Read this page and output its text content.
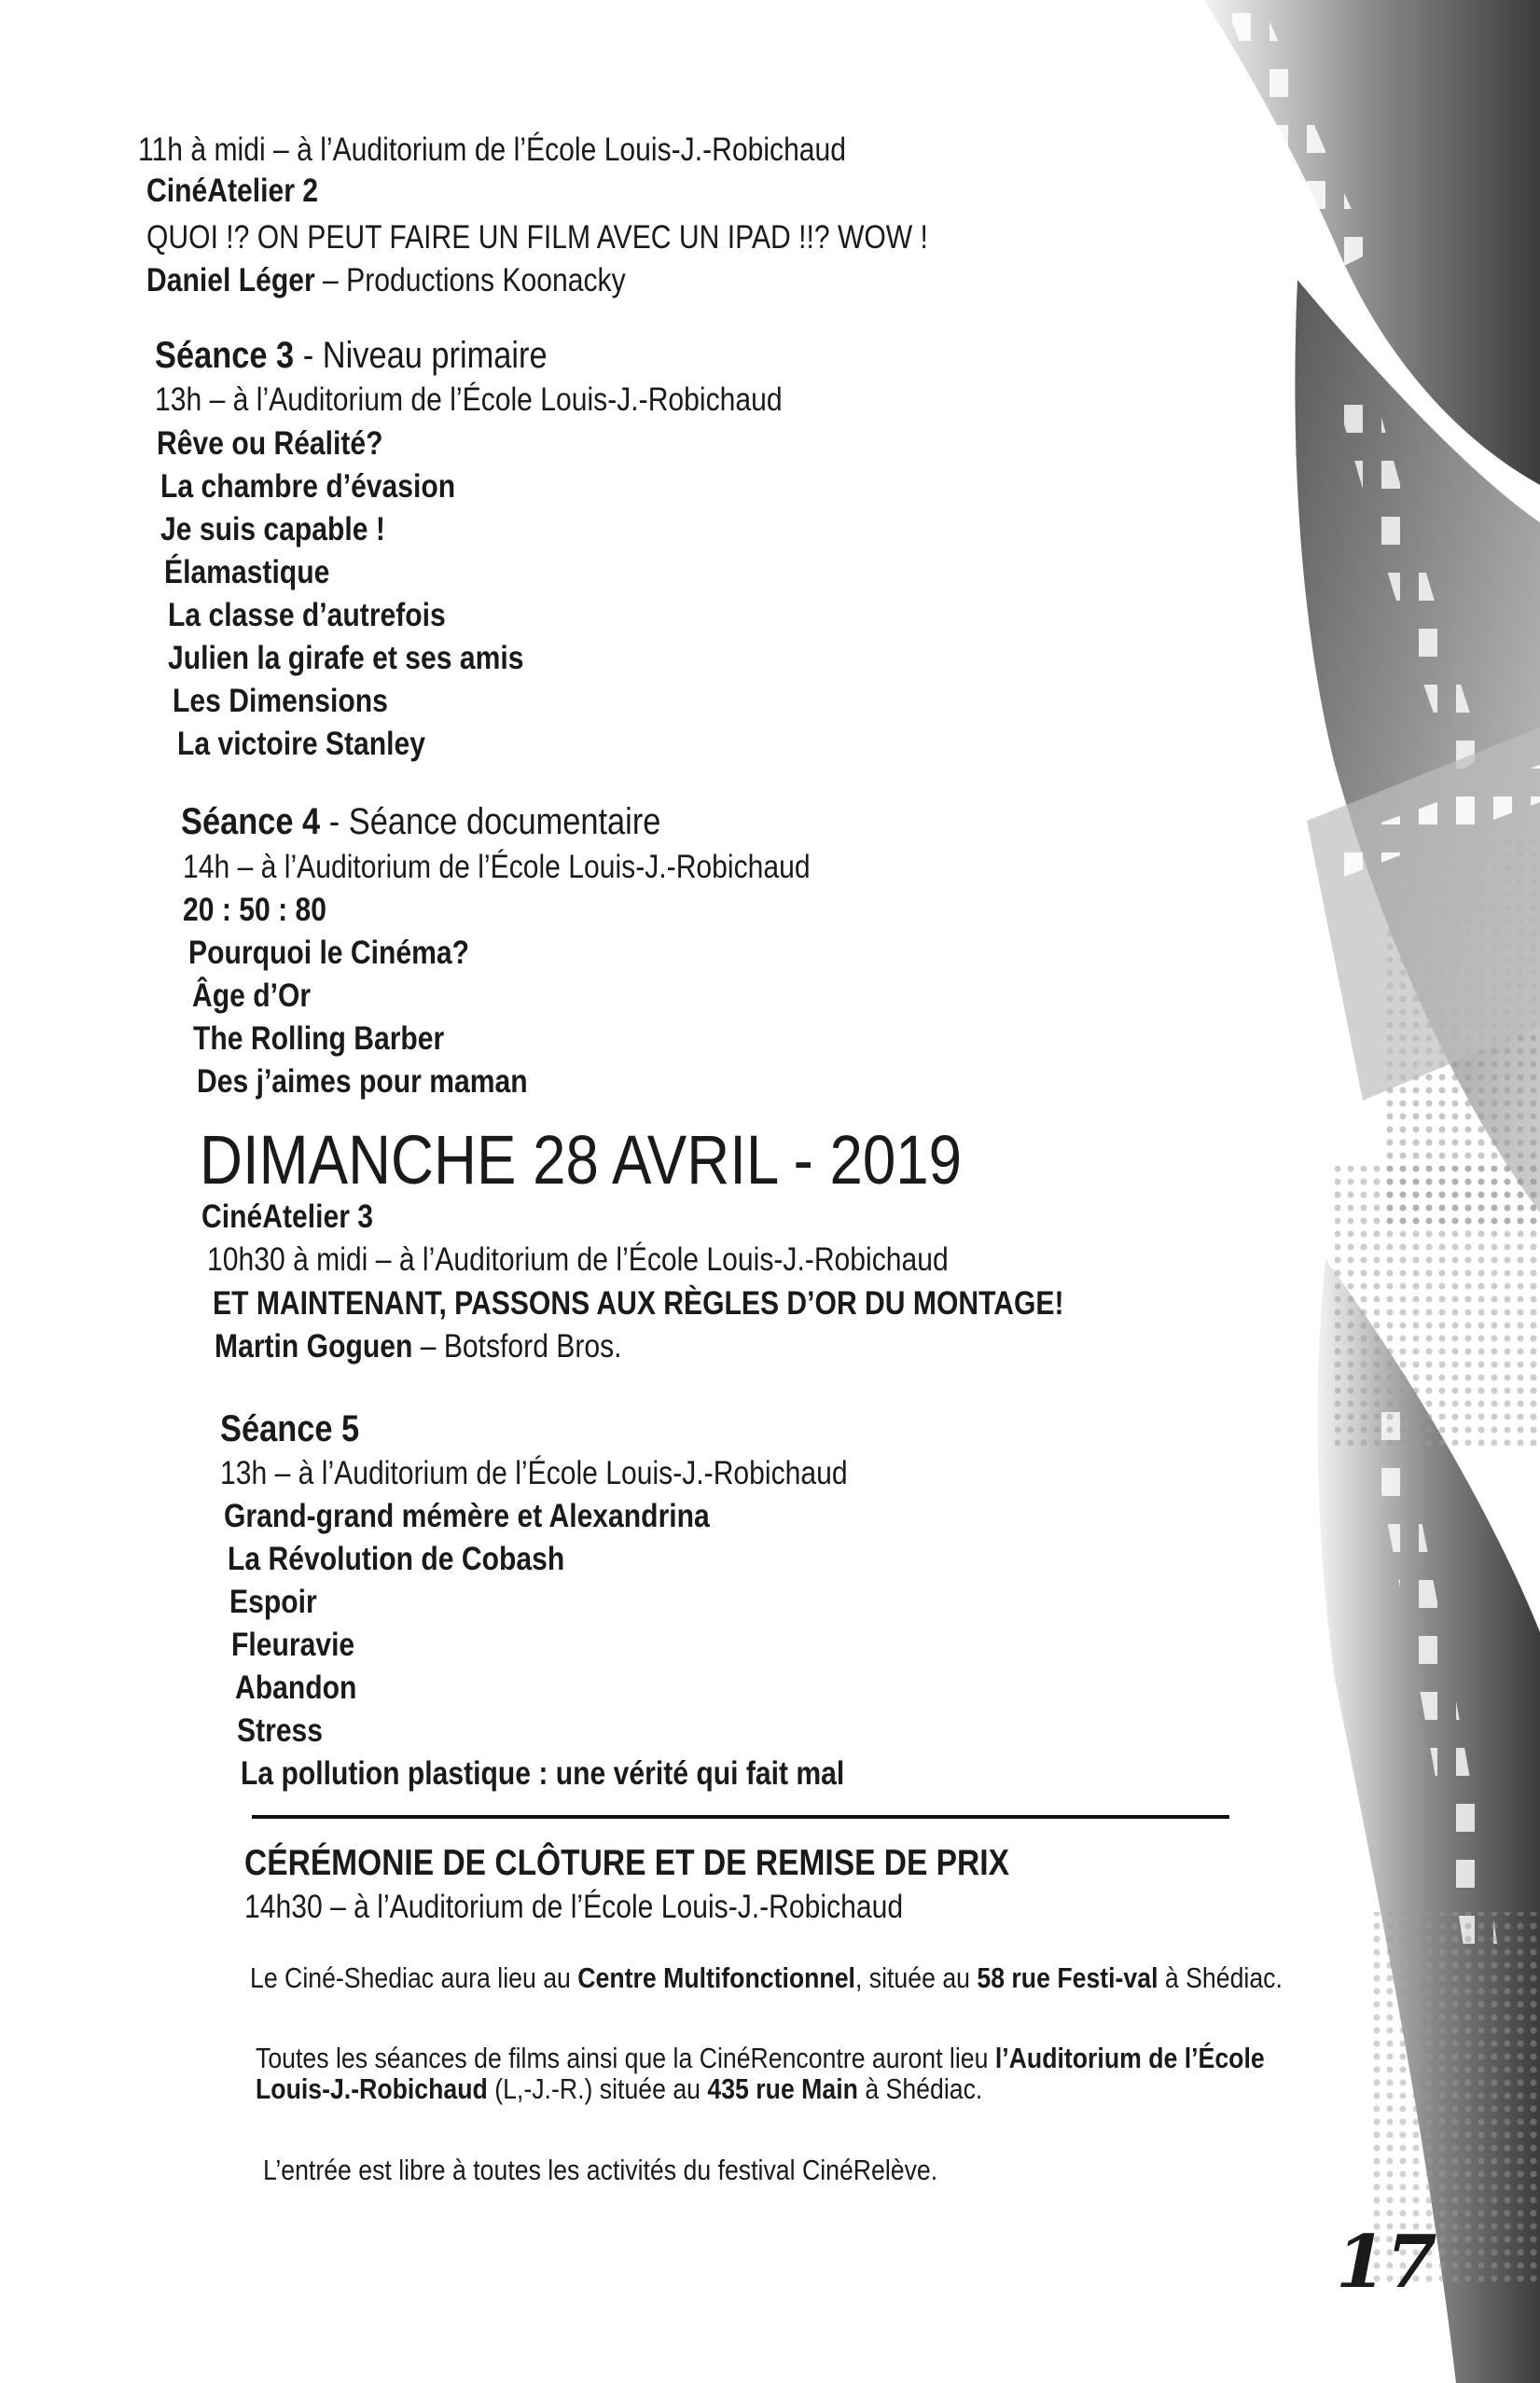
11h à midi – à l’Auditorium de l’École Louis-J.-Robichaud
CinéAtelier 2
QUOI !? ON PEUT FAIRE UN FILM AVEC UN IPAD !!? WOW !
Daniel Léger – Productions Koonacky
Séance 3 - Niveau primaire
13h – à l’Auditorium de l’École Louis-J.-Robichaud
Rêve ou Réalité?
La chambre d’évasion
Je suis capable !
Élamastique
La classe d’autrefois
Julien la girafe et ses amis
Les Dimensions
La victoire Stanley
Séance 4 - Séance documentaire
14h – à l’Auditorium de l’École Louis-J.-Robichaud
20 : 50 : 80
Pourquoi le Cinéma?
Âge d’Or
The Rolling Barber
Des j’aimes pour maman
DIMANCHE 28 AVRIL - 2019
CinéAtelier 3
10h30 à midi – à l’Auditorium de l’École Louis-J.-Robichaud
ET MAINTENANT, PASSONS AUX RÈGLES D’OR DU MONTAGE!
Martin Goguen – Botsford Bros.
Séance 5
13h – à l’Auditorium de l’École Louis-J.-Robichaud
Grand-grand mémère et Alexandrina
La Révolution de Cobash
Espoir
Fleuravie
Abandon
Stress
La pollution plastique : une vérité qui fait mal
CÉRÉMONIE DE CLÔTURE ET DE REMISE DE PRIX
14h30 – à l’Auditorium de l’École Louis-J.-Robichaud
Le Ciné-Shediac aura lieu au Centre Multifonctionnel, située au 58 rue Festi-val à Shédiac.
Toutes les séances de films ainsi que la CinéRencontre auront lieu l’Auditorium de l’École Louis-J.-Robichaud (L,-J.-R.) située au 435 rue Main à Shédiac.
L’entrée est libre à toutes les activités du festival CinéRelève.
17
